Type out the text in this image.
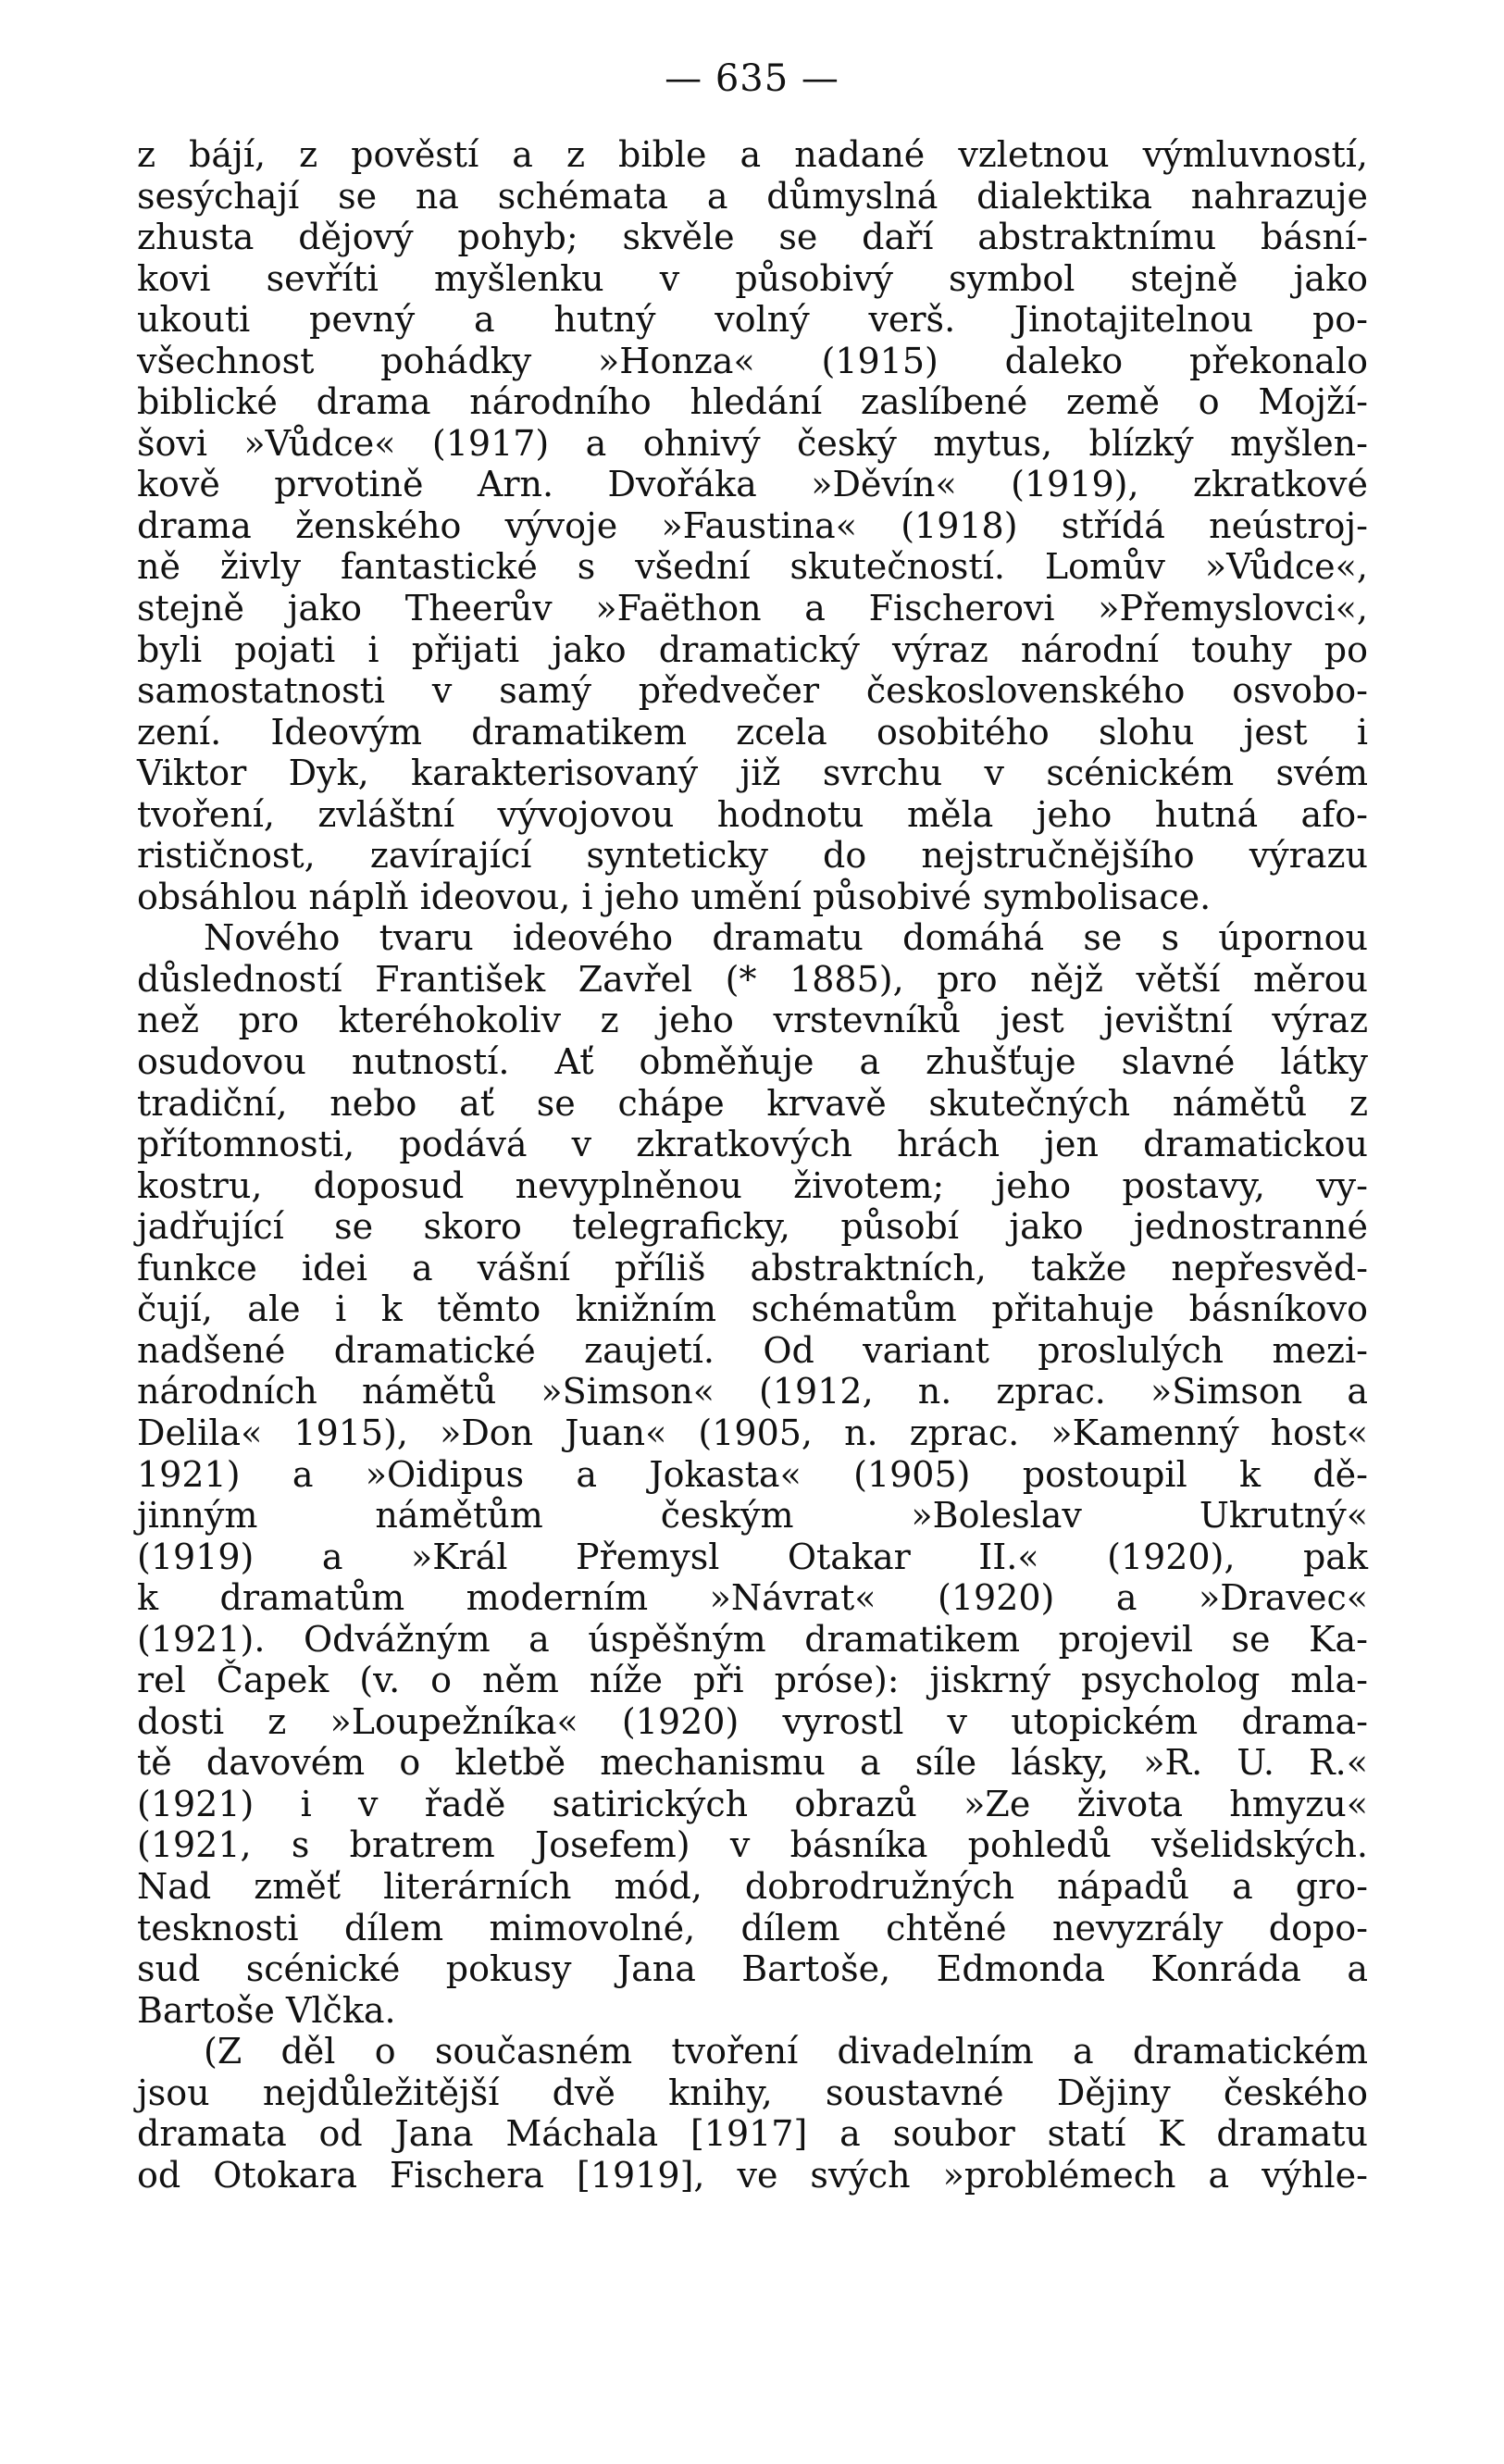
— 635 —
z bájí, z pověstí a z bible a nadané vzletnou výmluvností,
sesýchají se na schémata a důmyslná dialektika nahrazuje
zhusta dějový pohyb; skvěle se daří abstraktnímu básní-
kovi sevříti myšlenku v působivý symbol stejně jako
ukouti pevný a hutný volný verš. Jinotajitelnou po-
všechnost pohádky »Honza« (1915) daleko překonalo
biblické drama národního hledání zaslíbené země o Mojží-
šovi »Vůdce« (1917) a ohnivý český mytus, blízký myšlen-
kově prvotině Arn. Dvořáka »Děvín« (1919), zkratkové
drama ženského vývoje »Faustina« (1918) střídá neústroj-
ně živly fantastické s všední skutečností. Lomův »Vůdce«,
stejně jako Theerův »Faëthon a Fischerovi »Přemyslovci«,
byli pojati i přijati jako dramatický výraz národní touhy po
samostatnosti v samý předvečer československého osvobo-
zení. Ideovým dramatikem zcela osobitého slohu jest i
Viktor Dyk, karakterisovaný již svrchu v scénickém svém
tvoření, zvláštní vývojovou hodnotu měla jeho hutná afo-
rističnost, zavírající synteticky do nejstručnějšího výrazu
obsáhlou náplň ideovou, i jeho umění působivé symbolisace.
Nového tvaru ideového dramatu domáhá se s úpornou
důsledností František Zavřel (* 1885), pro nějž větší měrou
než pro kteréhokoliv z jeho vrstevníků jest jevištní výraz
osudovou nutností. Ať obměňuje a zhušťuje slavné látky
tradiční, nebo ať se chápe krvavě skutečných námětů z
přítomnosti, podává v zkratkových hrách jen dramatickou
kostru, doposud nevyplněnou životem; jeho postavy, vy-
jadřující se skoro telegraficky, působí jako jednostranné
funkce idei a vášní příliš abstraktních, takže nepřesvěd-
čují, ale i k těmto knižním schématům přitahuje básníkovo
nadšené dramatické zaujetí. Od variant proslulých mezi-
národních námětů »Simson« (1912, n. zprac. »Simson a
Delila« 1915), »Don Juan« (1905, n. zprac. »Kamenný host«
1921) a »Oidipus a Jokasta« (1905) postoupil k dě-
jinným námětům českým »Boleslav Ukrutný«
(1919) a »Král Přemysl Otakar II.« (1920), pak
k dramatům moderním »Návrat« (1920) a »Dravec«
(1921). Odvážným a úspěšným dramatikem projevil se Ka-
rel Čapek (v. o něm níže při próse): jiskrný psycholog mla-
dosti z »Loupežníka« (1920) vyrostl v utopickém drama-
tě davovém o kletbě mechanismu a síle lásky, »R. U. R.«
(1921) i v řadě satirických obrazů »Ze života hmyzu«
(1921, s bratrem Josefem) v básníka pohledů všelidských.
Nad změť literárních mód, dobrodružných nápadů a gro-
tesknosti dílem mimovolné, dílem chtěné nevyzrály dopo-
sud scénické pokusy Jana Bartoše, Edmonda Konráda a
Bartoše Vlčka.
(Z děl o současném tvoření divadelním a dramatickém
jsou nejdůležitější dvě knihy, soustavné Dějiny českého
dramata od Jana Máchala [1917] a soubor statí K dramatu
od Otokara Fischera [1919], ve svých »problémech a výhle-
